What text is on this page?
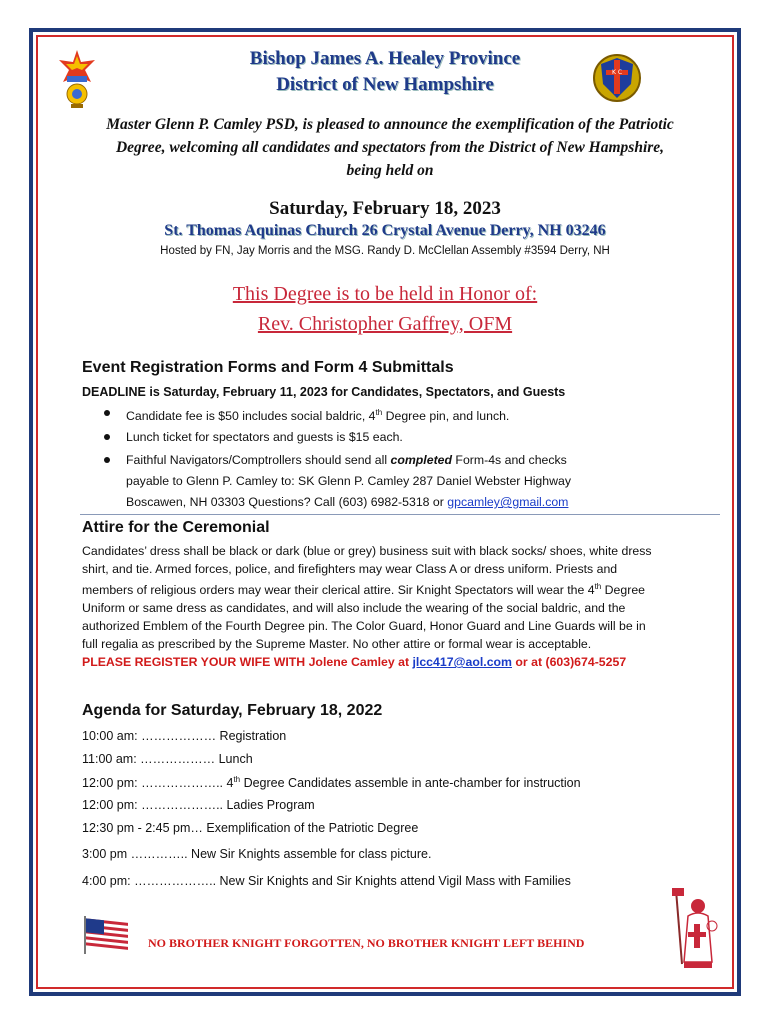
K C
Bishop James A. Healey Province
District of New Hampshire
Master Glenn P. Camley PSD, is pleased to announce the exemplification of the Patriotic Degree, welcoming all candidates and spectators from the District of New Hampshire, being held on
Saturday, February 18, 2023
St. Thomas Aquinas Church 26 Crystal Avenue Derry, NH 03246
Hosted by FN, Jay Morris and the MSG. Randy D. McClellan Assembly #3594 Derry, NH
This Degree is to be held in Honor of:
Rev. Christopher Gaffrey, OFM
Event Registration Forms and Form 4 Submittals
DEADLINE is Saturday, February 11, 2023 for Candidates, Spectators, and Guests
Candidate fee is $50 includes social baldric, 4th Degree pin, and lunch.
Lunch ticket for spectators and guests is $15 each.
Faithful Navigators/Comptrollers should send all completed Form-4s and checks
payable to Glenn P. Camley to: SK Glenn P. Camley 287 Daniel Webster Highway
Boscawen, NH 03303 Questions? Call (603) 6982-5318 or gpcamley@gmail.com
Attire for the Ceremonial
Candidates’ dress shall be black or dark (blue or grey) business suit with black socks/ shoes, white dress
shirt, and tie. Armed forces, police, and firefighters may wear Class A or dress uniform. Priests and
members of religious orders may wear their clerical attire. Sir Knight Spectators will wear the 4th Degree
Uniform or same dress as candidates, and will also include the wearing of the social baldric, and the
authorized Emblem of the Fourth Degree pin. The Color Guard, Honor Guard and Line Guards will be in
full regalia as prescribed by the Supreme Master. No other attire or formal wear is acceptable.
PLEASE REGISTER YOUR WIFE WITH Jolene Camley at jlcc417@aol.com or at (603)674-5257
Agenda for Saturday, February 18, 2022
10:00 am: ……………… Registration
11:00 am: ……………… Lunch
12:00 pm: ……………….. 4th Degree Candidates assemble in ante-chamber for instruction
12:00 pm: ……………….. Ladies Program
12:30 pm - 2:45 pm… Exemplification of the Patriotic Degree
3:00 pm ………….. New Sir Knights assemble for class picture.
4:00 pm: ……………….. New Sir Knights and Sir Knights attend Vigil Mass with Families
NO BROTHER KNIGHT FORGOTTEN, NO BROTHER KNIGHT LEFT BEHIND
